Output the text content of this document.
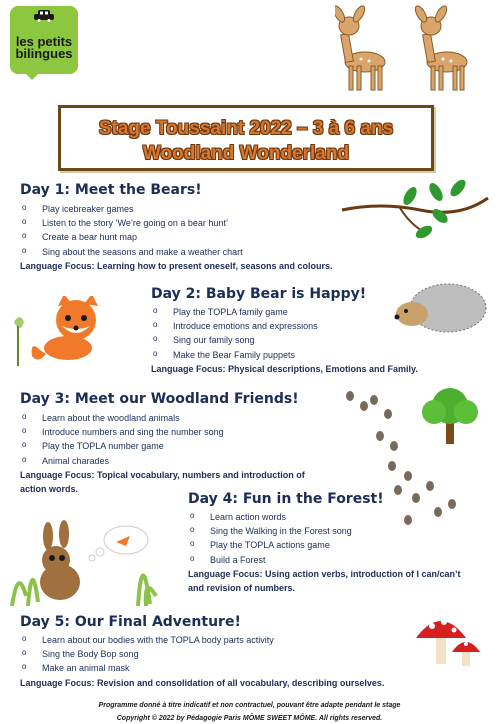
les petits
bilingues
Stage Toussaint 2022 – 3 à 6 ans
Woodland Wonderland
Day 1: Meet the Bears!
o Play icebreaker games
o Listen to the story ‘We’re going on a bear hunt’
o Create a bear hunt map
o Sing about the seasons and make a weather chart
Language Focus: Learning how to present oneself, seasons and colours.
Day 2: Baby Bear is Happy!
o Play the TOPLA family game
o Introduce emotions and expressions
o Sing our family song
o Make the Bear Family puppets
Language Focus: Physical descriptions, Emotions and Family.
Day 3: Meet our Woodland Friends!
o Learn about the woodland animals
o Introduce numbers and sing the number song
o Play the TOPLA number game
o Animal charades
Language Focus: Topical vocabulary, numbers and introduction of
action words.
Day 4: Fun in the Forest!
o Learn action words
o Sing the Walking in the Forest song
o Play the TOPLA actions game
o Build a Forest
Language Focus: Using action verbs, introduction of I can/can’t
and revision of numbers.
Day 5: Our Final Adventure!
o Learn about our bodies with the TOPLA body parts activity
o Sing the Body Bop song
o Make an animal mask
Language Focus: Revision and consolidation of all vocabulary, describing ourselves.
Programme donné à titre indicatif et non contractuel, pouvant être adapte pendant le stage
Copyright © 2022 by Pédagogie Paris MÔME SWEET MÔME. All rights reserved.
